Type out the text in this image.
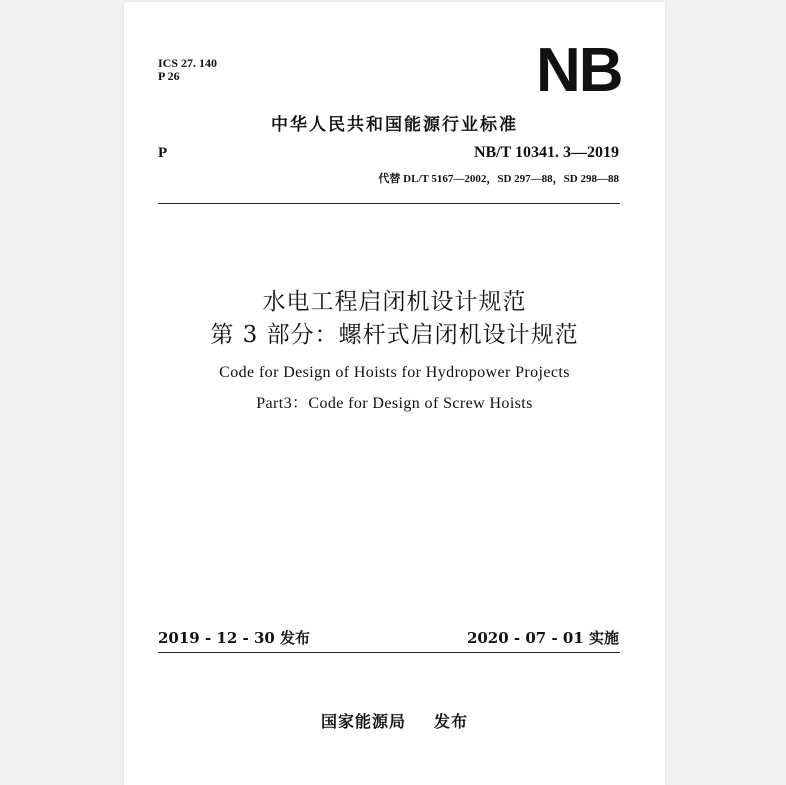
ICS 27. 140
P 26	NB
中华人民共和国能源行业标准
P	NB/T 10341. 3—2019
代替 DL/T 5167—2002，SD 297—88，SD 298—88
水电工程启闭机设计规范
第 3 部分：螺杆式启闭机设计规范
Code for Design of Hoists for Hydropower Projects
Part3：Code for Design of Screw Hoists
2019 - 12 - 30 发布	2020 - 07 - 01 实施
国家能源局 发布
